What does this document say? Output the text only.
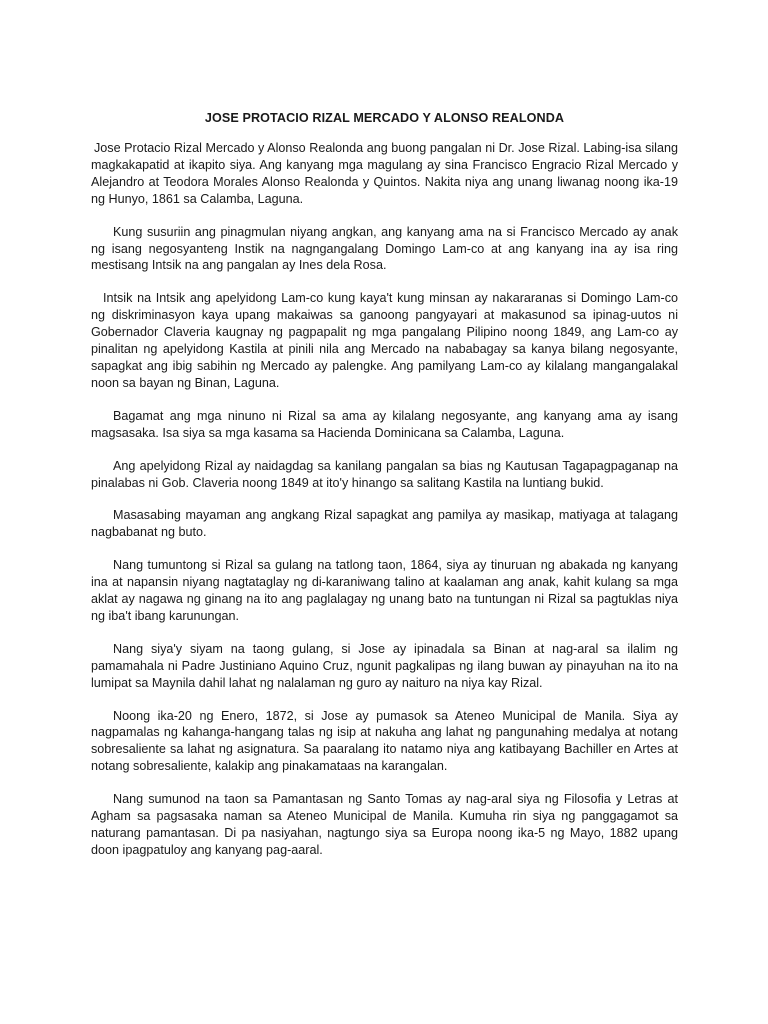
JOSE PROTACIO RIZAL MERCADO Y ALONSO REALONDA

Jose Protacio Rizal Mercado y Alonso Realonda ang buong pangalan ni Dr. Jose Rizal. Labing-isa silang magkakapatid at ikapito siya. Ang kanyang mga magulang ay sina Francisco Engracio Rizal Mercado y Alejandro at Teodora Morales Alonso Realonda y Quintos. Nakita niya ang unang liwanag noong ika-19 ng Hunyo, 1861 sa Calamba, Laguna.

Kung susuriin ang pinagmulan niyang angkan, ang kanyang ama na si Francisco Mercado ay anak ng isang negosyanteng Instik na nagngangalang Domingo Lam-co at ang kanyang ina ay isa ring mestisang Intsik na ang pangalan ay Ines dela Rosa.

Intsik na Intsik ang apelyidong Lam-co kung kaya't kung minsan ay nakararanas si Domingo Lam-co ng diskriminasyon kaya upang makaiwas sa ganoong pangyayari at makasunod sa ipinag-uutos ni Gobernador Claveria kaugnay ng pagpapalit ng mga pangalang Pilipino noong 1849, ang Lam-co ay pinalitan ng apelyidong Kastila at pinili nila ang Mercado na nababagay sa kanya bilang negosyante, sapagkat ang ibig sabihin ng Mercado ay palengke. Ang pamilyang Lam-co ay kilalang mangangalakal noon sa bayan ng Binan, Laguna.

Bagamat ang mga ninuno ni Rizal sa ama ay kilalang negosyante, ang kanyang ama ay isang magsasaka. Isa siya sa mga kasama sa Hacienda Dominicana sa Calamba, Laguna.

Ang apelyidong Rizal ay naidagdag sa kanilang pangalan sa bias ng Kautusan Tagapagpaganap na pinalabas ni Gob. Claveria noong 1849 at ito'y hinango sa salitang Kastila na luntiang bukid.

Masasabing mayaman ang angkang Rizal sapagkat ang pamilya ay masikap, matiyaga at talagang nagbabanat ng buto.

Nang tumuntong si Rizal sa gulang na tatlong taon, 1864, siya ay tinuruan ng abakada ng kanyang ina at napansin niyang nagtataglay ng di-karaniwang talino at kaalaman ang anak, kahit kulang sa mga aklat ay nagawa ng ginang na ito ang paglalagay ng unang bato na tuntungan ni Rizal sa pagtuklas niya ng iba't ibang karunungan.

Nang siya'y siyam na taong gulang, si Jose ay ipinadala sa Binan at nag-aral sa ilalim ng pamamahala ni Padre Justiniano Aquino Cruz, ngunit pagkalipas ng ilang buwan ay pinayuhan na ito na lumipat sa Maynila dahil lahat ng nalalaman ng guro ay naituro na niya kay Rizal.

Noong ika-20 ng Enero, 1872, si Jose ay pumasok sa Ateneo Municipal de Manila. Siya ay nagpamalas ng kahanga-hangang talas ng isip at nakuha ang lahat ng pangunahing medalya at notang sobresaliente sa lahat ng asignatura. Sa paaralang ito natamo niya ang katibayang Bachiller en Artes at notang sobresaliente, kalakip ang pinakamataas na karangalan.

Nang sumunod na taon sa Pamantasan ng Santo Tomas ay nag-aral siya ng Filosofia y Letras at Agham sa pagsasaka naman sa Ateneo Municipal de Manila. Kumuha rin siya ng panggagamot sa naturang pamantasan. Di pa nasiyahan, nagtungo siya sa Europa noong ika-5 ng Mayo, 1882 upang doon ipagpatuloy ang kanyang pag-aaral.
